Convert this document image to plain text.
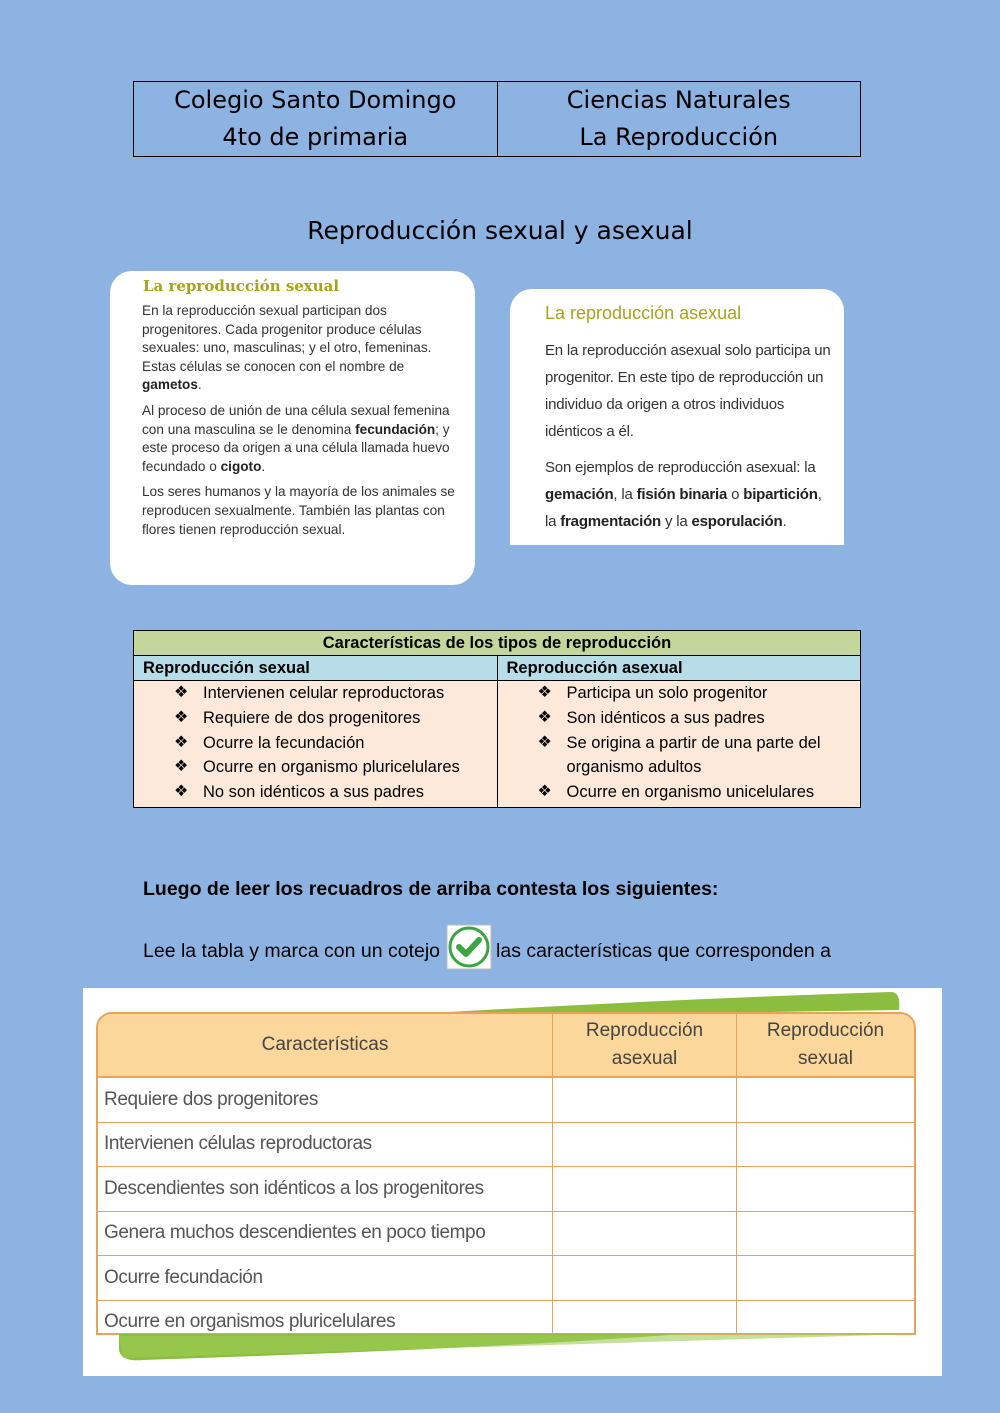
Colegio Santo Domingo
4to de primaria
Ciencias Naturales
La Reproducción
Reproducción sexual y asexual
La reproducción sexual

En la reproducción sexual participan dos progenitores. Cada progenitor produce células sexuales: uno, masculinas; y el otro, femeninas. Estas células se conocen con el nombre de gametos.

Al proceso de unión de una célula sexual femenina con una masculina se le denomina fecundación; y este proceso da origen a una célula llamada huevo fecundado o cigoto.

Los seres humanos y la mayoría de los animales se reproducen sexualmente. También las plantas con flores tienen reproducción sexual.

La reproducción asexual

En la reproducción asexual solo participa un progenitor. En este tipo de reproducción un individuo da origen a otros individuos idénticos a él.

Son ejemplos de reproducción asexual: la gemación, la fisión binaria o bipartición, la fragmentación y la esporulación.

Características de los tipos de reproducción
Reproducción sexual	Reproducción asexual
❖ Intervienen celular reproductoras
❖ Requiere de dos progenitores
❖ Ocurre la fecundación
❖ Ocurre en organismo pluricelulares
❖ No son idénticos a sus padres
❖ Participa un solo progenitor
❖ Son idénticos a sus padres
❖ Se origina a partir de una parte del organismo adultos
❖ Ocurre en organismo unicelulares
Luego de leer los recuadros de arriba contesta los siguientes:
Lee la tabla y marca con un cotejo	las características que corresponden a
Características
Reproducción asexual
Reproducción sexual
Requiere dos progenitores
Intervienen células reproductoras
Descendientes son idénticos a los progenitores
Genera muchos descendientes en poco tiempo
Ocurre fecundación
Ocurre en organismos pluricelulares
